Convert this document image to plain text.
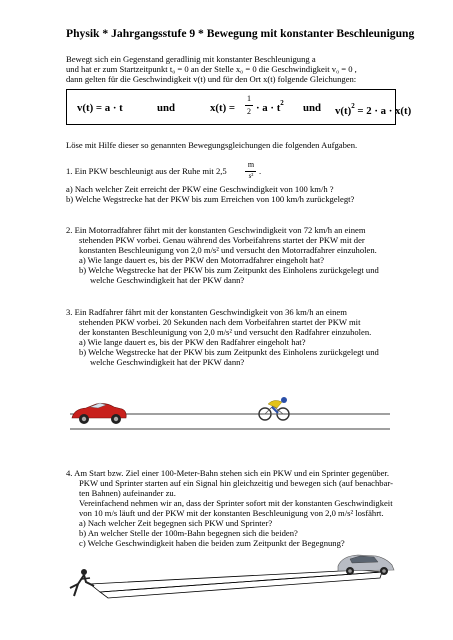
Physik * Jahrgangsstufe 9 * Bewegung mit konstanter Beschleunigung
Bewegt sich ein Gegenstand geradlinig mit konstanter Beschleunigung a
und hat er zum Startzeitpunkt t₀ = 0 an der Stelle x₀ = 0 die Geschwindigkeit v₀ = 0 ,
dann gelten für die Geschwindigkeit v(t) und für den Ort x(t) folgende Gleichungen:
v(t) = a · t	und	x(t) =
1
$2 \cdot a \cdot t^2$ und $v(t)^2 = 2 \cdot a \cdot x(t)$
Löse mit Hilfe dieser so genannten Bewegungsgleichungen die folgenden Aufgaben.
1. Ein PKW beschleunigt aus der Ruhe mit 2,5
m
s² .
a) Nach welcher Zeit erreicht der PKW eine Geschwindigkeit von 100 km/h ?
b) Welche Wegstrecke hat der PKW bis zum Erreichen von 100 km/h zurückgelegt?
2. Ein Motorradfahrer fährt mit der konstanten Geschwindigkeit von 72 km/h an einem
stehenden PKW vorbei. Genau während des Vorbeifahrens startet der PKW mit der
konstanten Beschleunigung von 2,0 m/s² und versucht den Motorradfahrer einzuholen.
a) Wie lange dauert es, bis der PKW den Motorradfahrer eingeholt hat?
b) Welche Wegstrecke hat der PKW bis zum Zeitpunkt des Einholens zurückgelegt und
welche Geschwindigkeit hat der PKW dann?
3. Ein Radfahrer fährt mit der konstanten Geschwindigkeit von 36 km/h an einem
stehenden PKW vorbei. 20 Sekunden nach dem Vorbeifahren startet der PKW mit
der konstanten Beschleunigung von 2,0 m/s² und versucht den Radfahrer einzuholen.
a) Wie lange dauert es, bis der PKW den Radfahrer eingeholt hat?
b) Welche Wegstrecke hat der PKW bis zum Zeitpunkt des Einholens zurückgelegt und
welche Geschwindigkeit hat der PKW dann?
4. Am Start bzw. Ziel einer 100-Meter-Bahn stehen sich ein PKW und ein Sprinter gegenüber.
PKW und Sprinter starten auf ein Signal hin gleichzeitig und bewegen sich (auf benachbar-
ten Bahnen) aufeinander zu.
Vereinfachend nehmen wir an, dass der Sprinter sofort mit der konstanten Geschwindigkeit
von 10 m/s läuft und der PKW mit der konstanten Beschleunigung von 2,0 m/s² losfährt.
a) Nach welcher Zeit begegnen sich PKW und Sprinter?
b) An welcher Stelle der 100m-Bahn begegnen sich die beiden?
c) Welche Geschwindigkeit haben die beiden zum Zeitpunkt der Begegnung?
